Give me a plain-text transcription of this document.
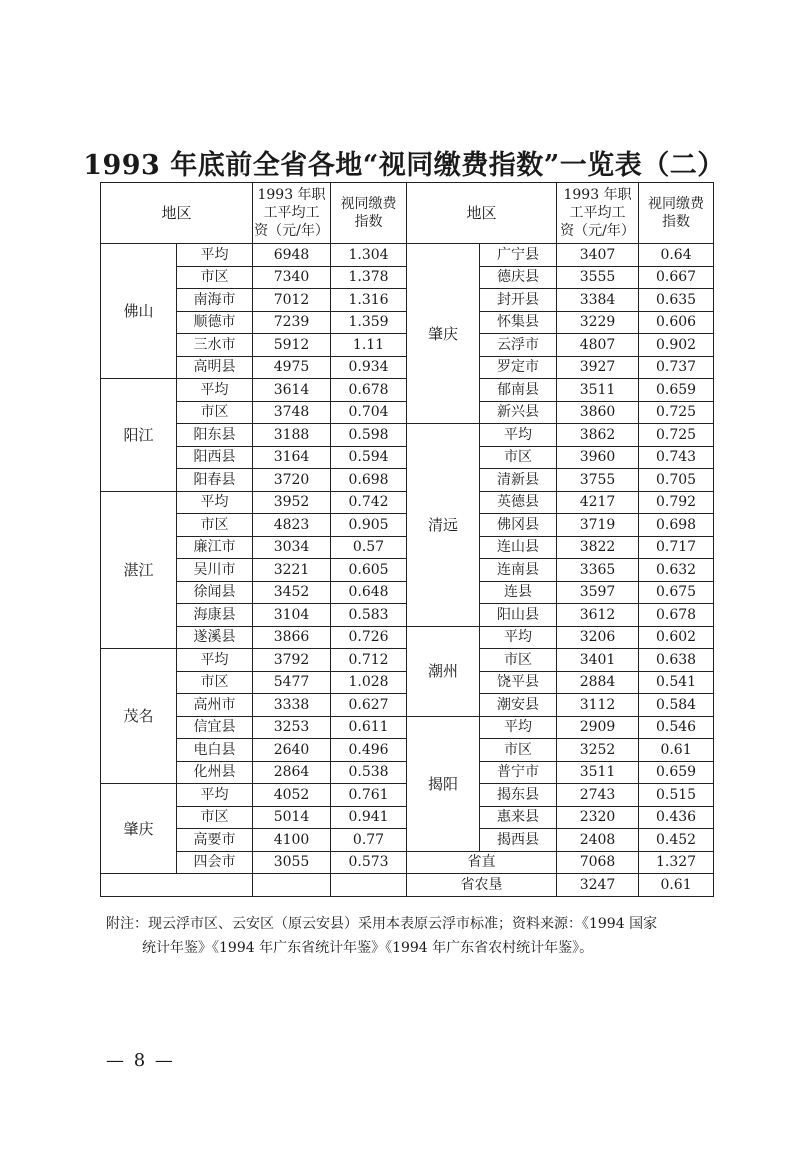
1993 年底前全省各地“视同缴费指数”一览表（二）
地区		1993 年职
工平均工
资（元/年）	视同缴费
指数	地区		1993 年职
工平均工
资（元/年）	视同缴费
指数
佛山	平均	6948	1.304	肇庆	广宁县	3407	0.64
	市区	7340	1.378		德庆县	3555	0.667
	南海市	7012	1.316		封开县	3384	0.635
	顺德市	7239	1.359		怀集县	3229	0.606
	三水市	5912	1.11		云浮市	4807	0.902
	高明县	4975	0.934		罗定市	3927	0.737
阳江	平均	3614	0.678		郁南县	3511	0.659
	市区	3748	0.704		新兴县	3860	0.725
	阳东县	3188	0.598	清远	平均	3862	0.725
	阳西县	3164	0.594		市区	3960	0.743
	阳春县	3720	0.698		清新县	3755	0.705
湛江	平均	3952	0.742		英德县	4217	0.792
	市区	4823	0.905		佛冈县	3719	0.698
	廉江市	3034	0.57		连山县	3822	0.717
	吴川市	3221	0.605		连南县	3365	0.632
	徐闻县	3452	0.648		连县	3597	0.675
	海康县	3104	0.583		阳山县	3612	0.678
	遂溪县	3866	0.726	潮州	平均	3206	0.602
茂名	平均	3792	0.712		市区	3401	0.638
	市区	5477	1.028		饶平县	2884	0.541
	高州市	3338	0.627		潮安县	3112	0.584
	信宜县	3253	0.611	揭阳	平均	2909	0.546
	电白县	2640	0.496		市区	3252	0.61
	化州县	2864	0.538		普宁市	3511	0.659
肇庆	平均	4052	0.761		揭东县	2743	0.515
	市区	5014	0.941		惠来县	2320	0.436
	高要市	4100	0.77		揭西县	2408	0.452
	四会市	3055	0.573	省直		7068	1.327
				省农垦		3247	0.61
附注：现云浮市区、云安区（原云安县）采用本表原云浮市标准；资料来源：《1994 国家
统计年鉴》《1994 年广东省统计年鉴》《1994 年广东省农村统计年鉴》。
— 8 —
